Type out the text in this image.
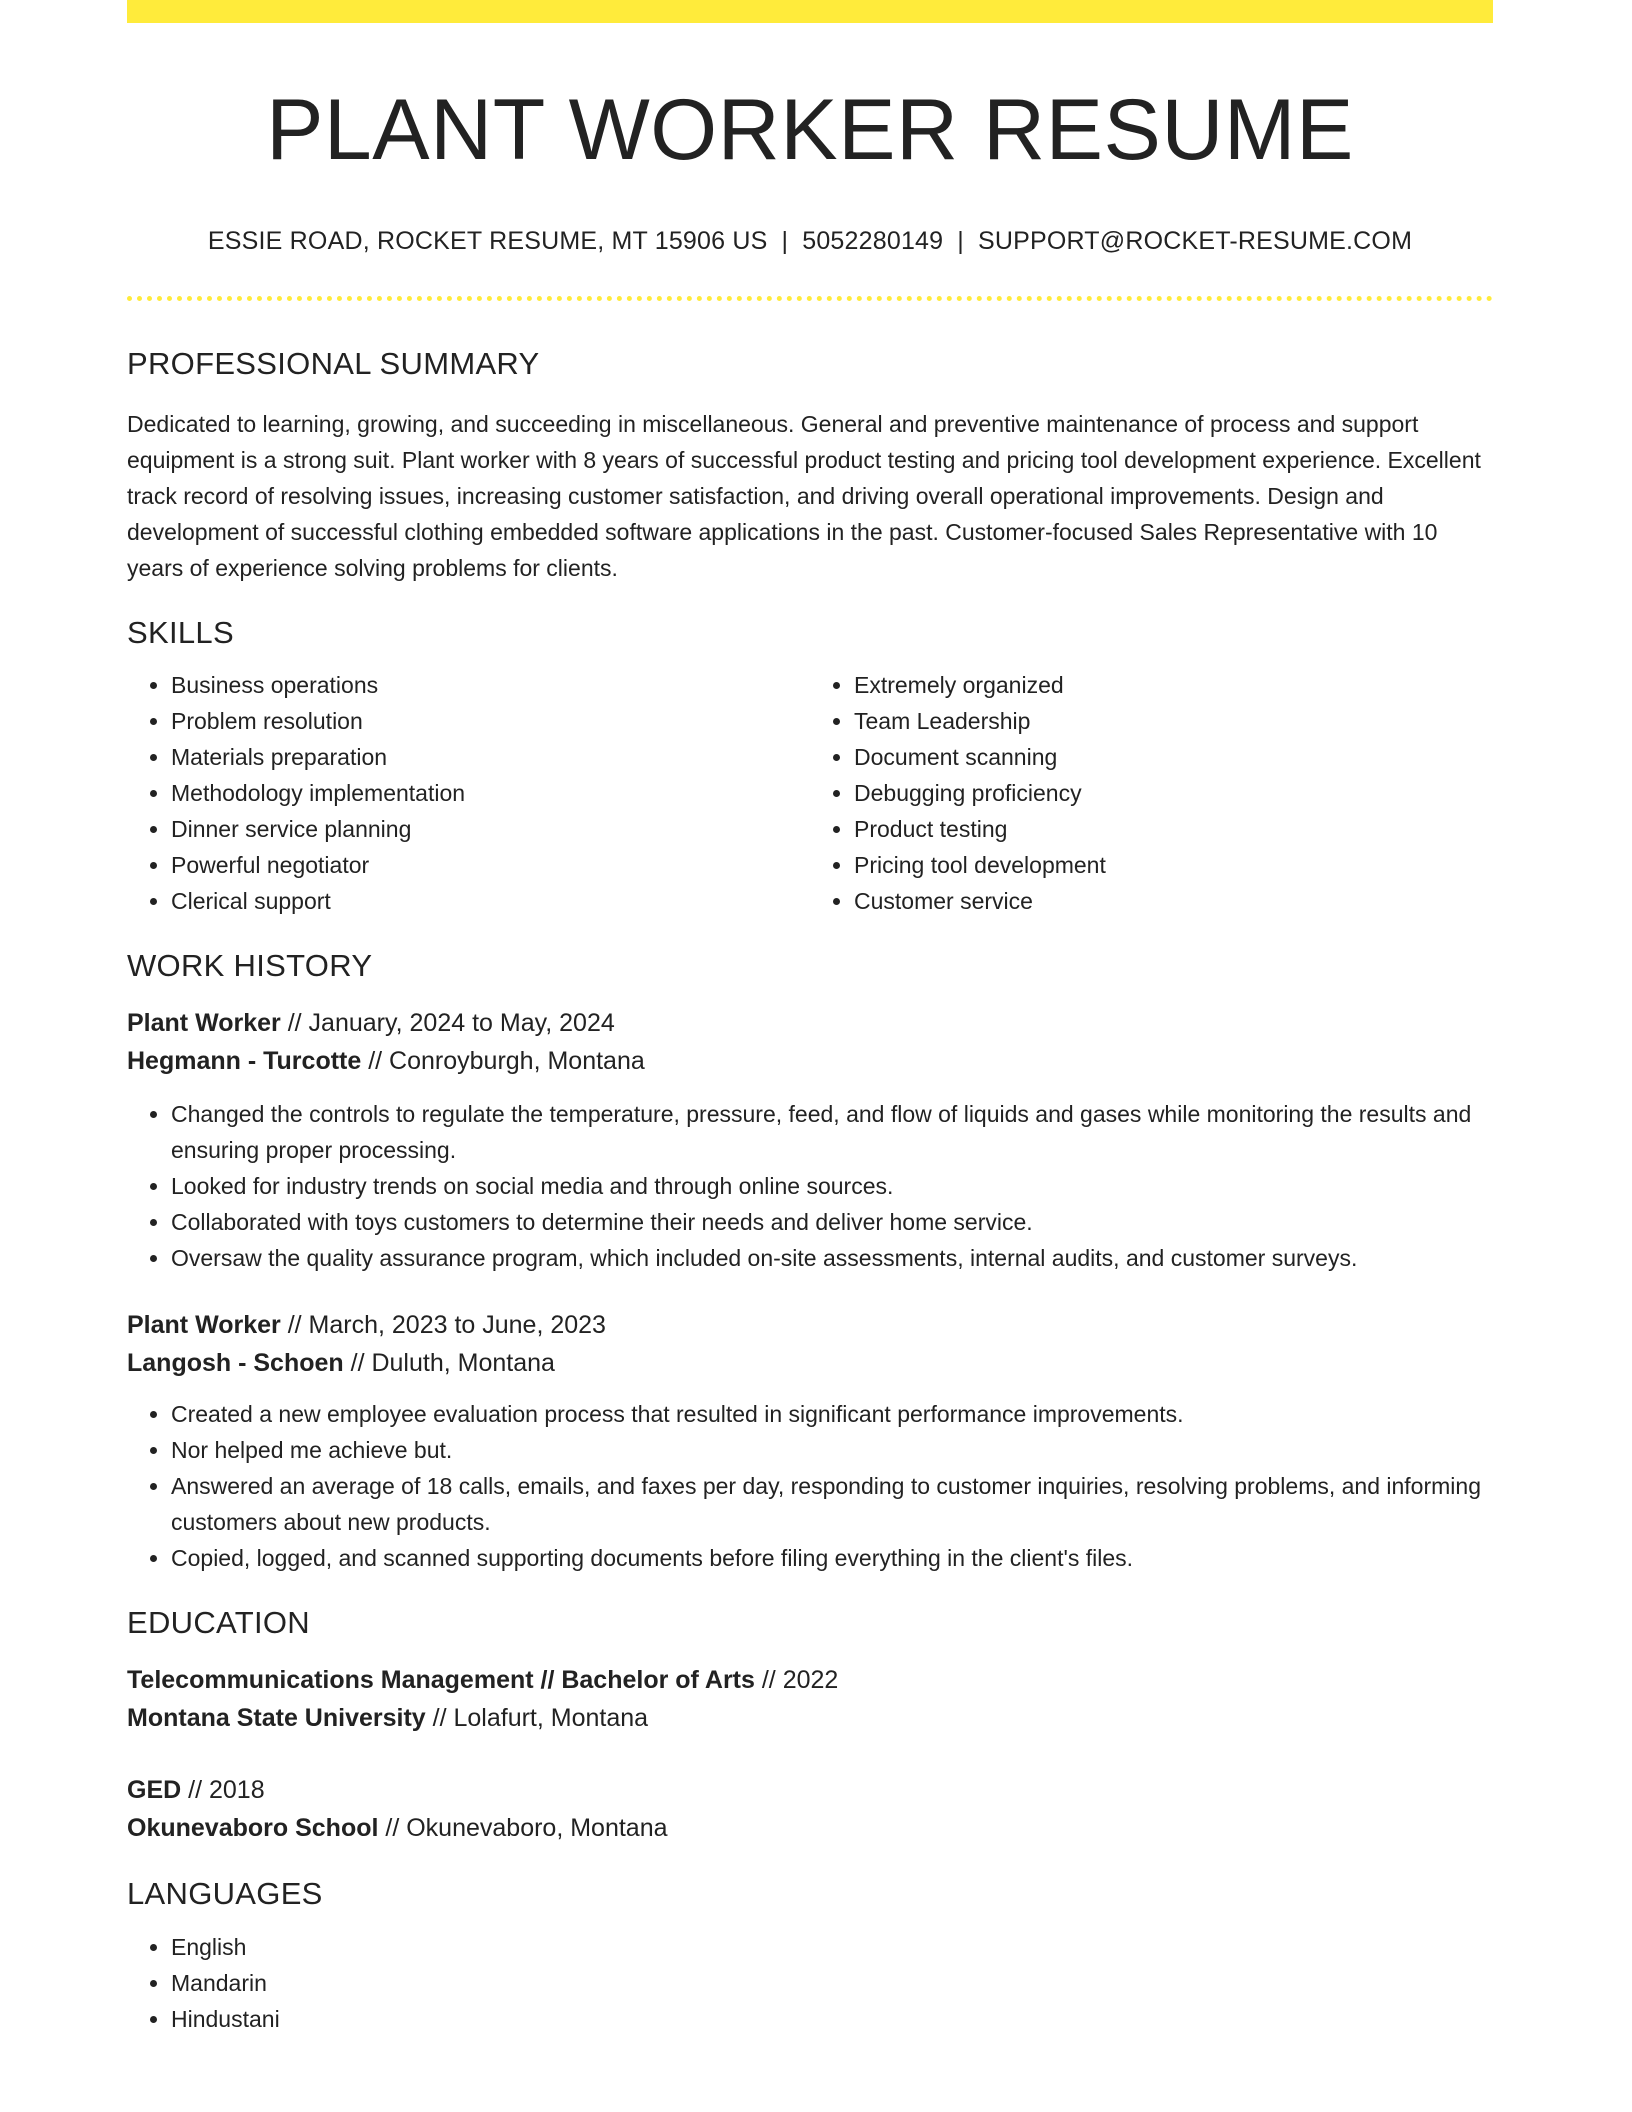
PLANT WORKER RESUME
ESSIE ROAD, ROCKET RESUME, MT 15906 US | 5052280149 | SUPPORT@ROCKET-RESUME.COM
PROFESSIONAL SUMMARY

Dedicated to learning, growing, and succeeding in miscellaneous. General and preventive maintenance of process and support equipment is a strong suit. Plant worker with 8 years of successful product testing and pricing tool development experience. Excellent track record of resolving issues, increasing customer satisfaction, and driving overall operational improvements. Design and development of successful clothing embedded software applications in the past. Customer-focused Sales Representative with 10 years of experience solving problems for clients.

SKILLS
• Business operations
• Problem resolution
• Materials preparation
• Methodology implementation
• Dinner service planning
• Powerful negotiator
• Clerical support
• Extremely organized
• Team Leadership
• Document scanning
• Debugging proficiency
• Product testing
• Pricing tool development
• Customer service
WORK HISTORY
Plant Worker // January, 2024 to May, 2024
Hegmann - Turcotte // Conroyburgh, Montana
• Changed the controls to regulate the temperature, pressure, feed, and flow of liquids and gases while monitoring the results and ensuring proper processing.
• Looked for industry trends on social media and through online sources.
• Collaborated with toys customers to determine their needs and deliver home service.
• Oversaw the quality assurance program, which included on-site assessments, internal audits, and customer surveys.
Plant Worker // March, 2023 to June, 2023
Langosh - Schoen // Duluth, Montana
• Created a new employee evaluation process that resulted in significant performance improvements.
• Nor helped me achieve but.
• Answered an average of 18 calls, emails, and faxes per day, responding to customer inquiries, resolving problems, and informing customers about new products.
• Copied, logged, and scanned supporting documents before filing everything in the client's files.
EDUCATION
Telecommunications Management // Bachelor of Arts // 2022
Montana State University // Lolafurt, Montana
GED // 2018
Okunevaboro School // Okunevaboro, Montana
LANGUAGES
• English
• Mandarin
• Hindustani
